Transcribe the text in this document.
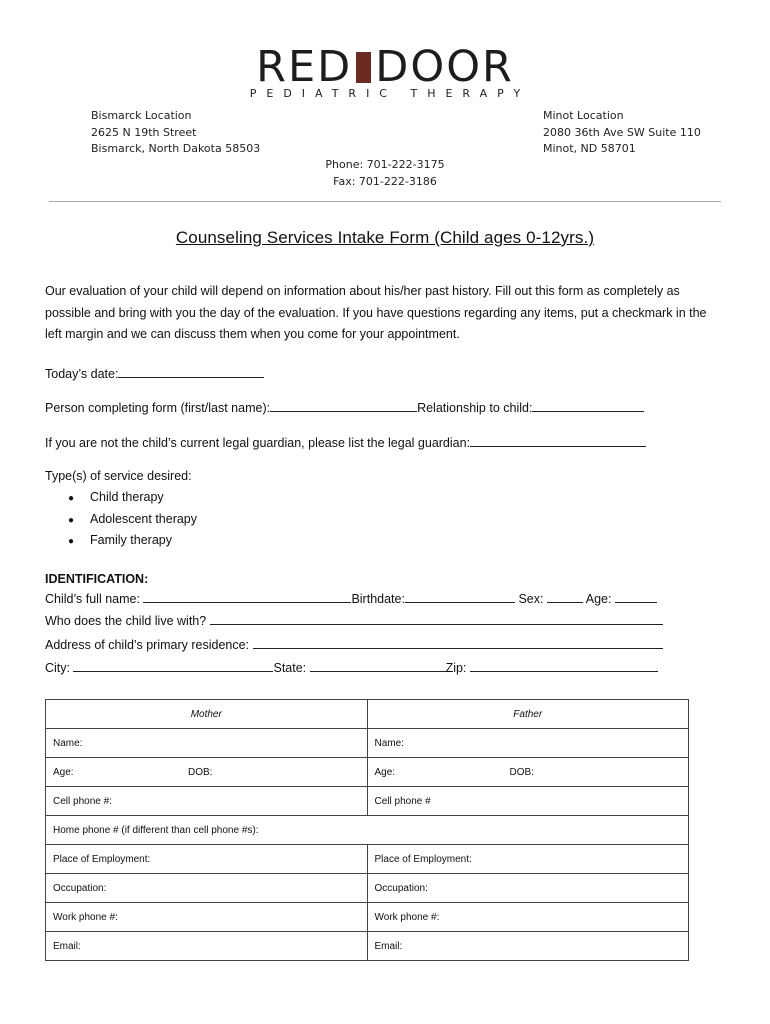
RED DOOR
PEDIATRIC THERAPY
Bismarck Location
2625 N 19th Street
Bismarck, North Dakota 58503
Minot Location
2080 36th Ave SW Suite 110
Minot, ND 58701
Phone: 701-222-3175
Fax: 701-222-3186
Counseling Services Intake Form (Child ages 0-12yrs.)
Our evaluation of your child will depend on information about his/her past history. Fill out this form as completely as possible and bring with you the day of the evaluation. If you have questions regarding any items, put a checkmark in the left margin and we can discuss them when you come for your appointment.
Today’s date:
Person completing form (first/last name):	Relationship to child:
If you are not the child’s current legal guardian, please list the legal guardian:
Type(s) of service desired:
● Child therapy
● Adolescent therapy
● Family therapy
IDENTIFICATION:
Child’s full name:	Birthdate:	Sex:	Age:
Who does the child live with?
Address of child’s primary residence:
City:	State:	Zip:
Mother	Father
Name:	Name:
Age: DOB:	Age: DOB:
Cell phone #:	Cell phone #
Home phone # (if different than cell phone #s):	
Place of Employment:	Place of Employment:
Occupation:	Occupation:
Work phone #:	Work phone #:
Email:	Email:
